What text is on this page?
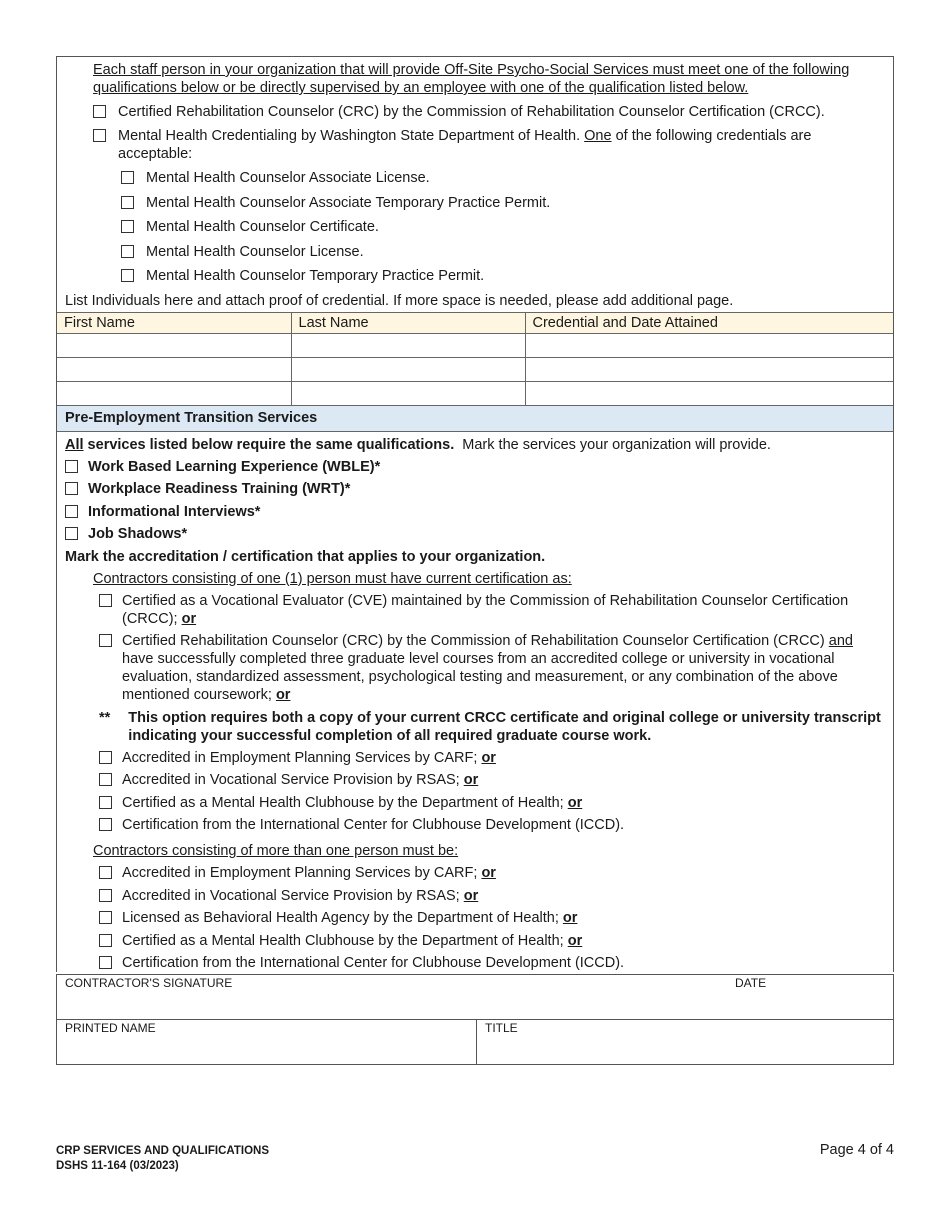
Each staff person in your organization that will provide Off-Site Psycho-Social Services must meet one of the following
qualifications below or be directly supervised by an employee with one of the qualification listed below.
Certified Rehabilitation Counselor (CRC) by the Commission of Rehabilitation Counselor Certification (CRCC).
Mental Health Credentialing by Washington State Department of Health. One of the following credentials are acceptable:
Mental Health Counselor Associate License.
Mental Health Counselor Associate Temporary Practice Permit.
Mental Health Counselor Certificate.
Mental Health Counselor License.
Mental Health Counselor Temporary Practice Permit.
List Individuals here and attach proof of credential. If more space is needed, please add additional page.
First Name	Last Name	Credential and Date Attained

Pre-Employment Transition Services
All services listed below require the same qualifications.  Mark the services your organization will provide.
Work Based Learning Experience (WBLE)*
Workplace Readiness Training (WRT)*
Informational Interviews*
Job Shadows*
Mark the accreditation / certification that applies to your organization.
Contractors consisting of one (1) person must have current certification as:
Certified as a Vocational Evaluator (CVE) maintained by the Commission of Rehabilitation Counselor Certification (CRCC); or
Certified Rehabilitation Counselor (CRC) by the Commission of Rehabilitation Counselor Certification (CRCC) and have successfully completed three graduate level courses from an accredited college or university in vocational evaluation, standardized assessment, psychological testing and measurement, or any combination of the above mentioned coursework; or
**	This option requires both a copy of your current CRCC certificate and original college or university transcript indicating your successful completion of all required graduate course work.
Accredited in Employment Planning Services by CARF; or
Accredited in Vocational Service Provision by RSAS; or
Certified as a Mental Health Clubhouse by the Department of Health; or
Certification from the International Center for Clubhouse Development (ICCD).
Contractors consisting of more than one person must be:
Accredited in Employment Planning Services by CARF; or
Accredited in Vocational Service Provision by RSAS; or
Licensed as Behavioral Health Agency by the Department of Health; or
Certified as a Mental Health Clubhouse by the Department of Health; or
Certification from the International Center for Clubhouse Development (ICCD).
CONTRACTOR'S SIGNATURE	DATE
PRINTED NAME	TITLE
CRP SERVICES AND QUALIFICATIONS
DSHS 11-164 (03/2023)
Page 4 of 4
